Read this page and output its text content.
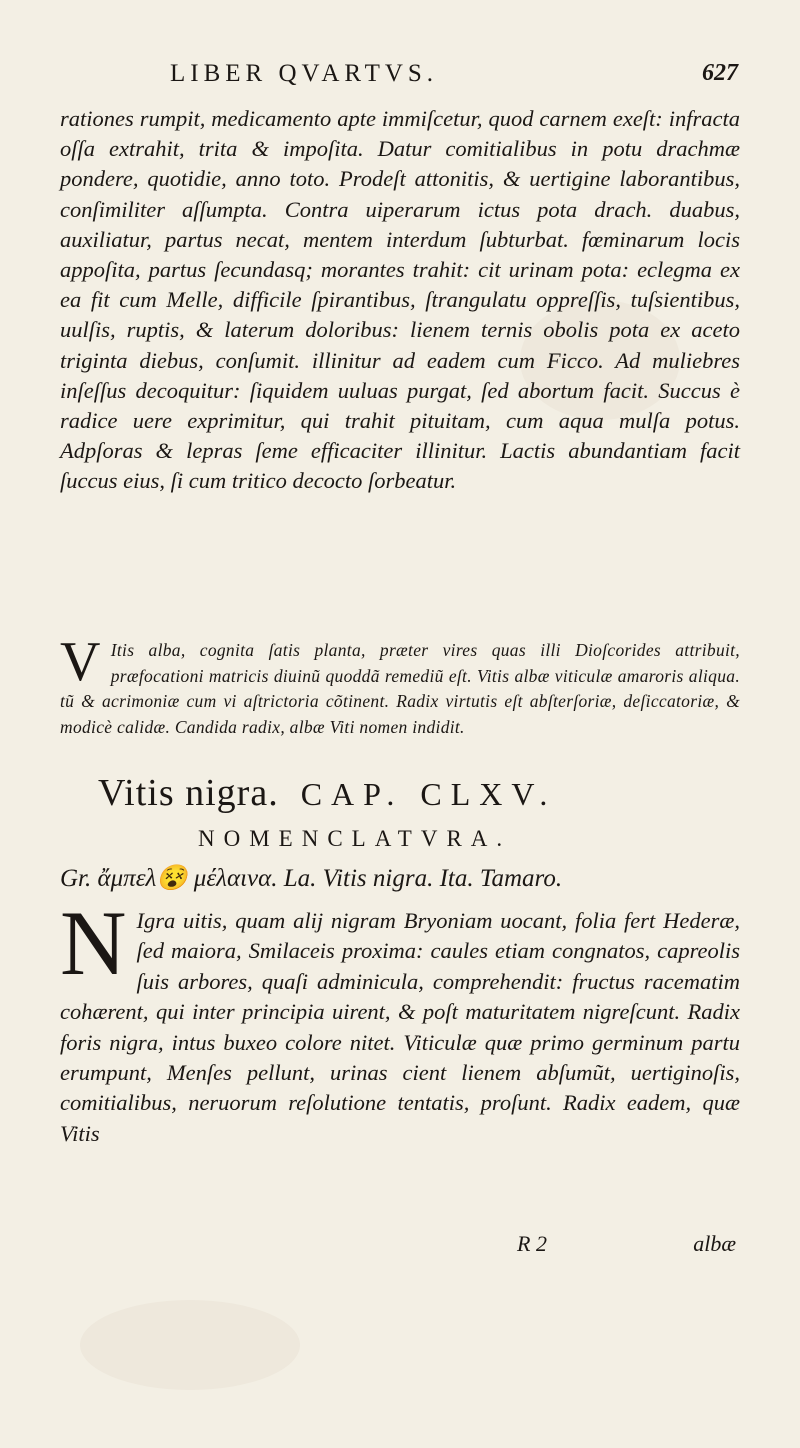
LIBER QVARTVS.	627

rationes rumpit, medicamento apte immiſcetur, quod carnem exeſt: infracta oſſa extrahit, trita & impoſita. Datur comitialibus in potu drachmæ pondere, quotidie, anno toto. Prodeſt attonitis, & uertigine laborantibus, conſimiliter aſſumpta. Contra uiperarum ictus pota drach. duabus, auxiliatur, partus necat, mentem interdum ſubturbat. fœminarum locis appoſita, partus ſecundasq; morantes trahit: cit urinam pota: eclegma ex ea fit cum Melle, difficile ſpirantibus, ſtrangulatu oppreſſis, tuſsientibus, uulſis, ruptis, & laterum doloribus: lienem ternis obolis pota ex aceto triginta diebus, conſumit. illinitur ad eadem cum Ficco. Ad muliebres inſeſſus decoquitur: ſiquidem uuluas purgat, ſed abortum facit. Succus è radice uere exprimitur, qui trahit pituitam, cum aqua mulſa potus. Adpſoras & lepras ſeme efficaciter illinitur. Lactis abundantiam facit ſuccus eius, ſi cum tritico decocto ſorbeatur.

V Itis alba, cognita ſatis planta, præter vires quas illi Dioſcorides attribuit, præfocationi matricis diuinũ quoddã remediũ eſt. Vitis albæ viticulæ amaroris aliqua. tũ & acrimoniæ cum vi aſtrictoria cõtinent. Radix virtutis eſt abſterſoriæ, deſiccatoriæ, & modicè calidæ. Candida radix, albæ Viti nomen indidit.

Vitis nigra. CAP. CLXV.
NOMENCLATVRA.
Gr. ἄμπελ😵 μέλαινα. La. Vitis nigra. Ita. Tamaro.

N Igra uitis, quam alij nigram Bryoniam uocant, folia fert Hederæ, ſed maiora, Smilaceis proxima: caules etiam congnatos, capreolis ſuis arbores, quaſi adminicula, comprehendit: fructus racematim cohærent, qui inter principia uirent, & poſt maturitatem nigreſcunt. Radix foris nigra, intus buxeo colore nitet. Viticulæ quæ primo germinum partu erumpunt, Menſes pellunt, urinas cient lienem abſumũt, uertiginoſis, comitialibus, neruorum reſolutione tentatis, proſunt. Radix eadem, quæ Vitis

R 2	albæ
